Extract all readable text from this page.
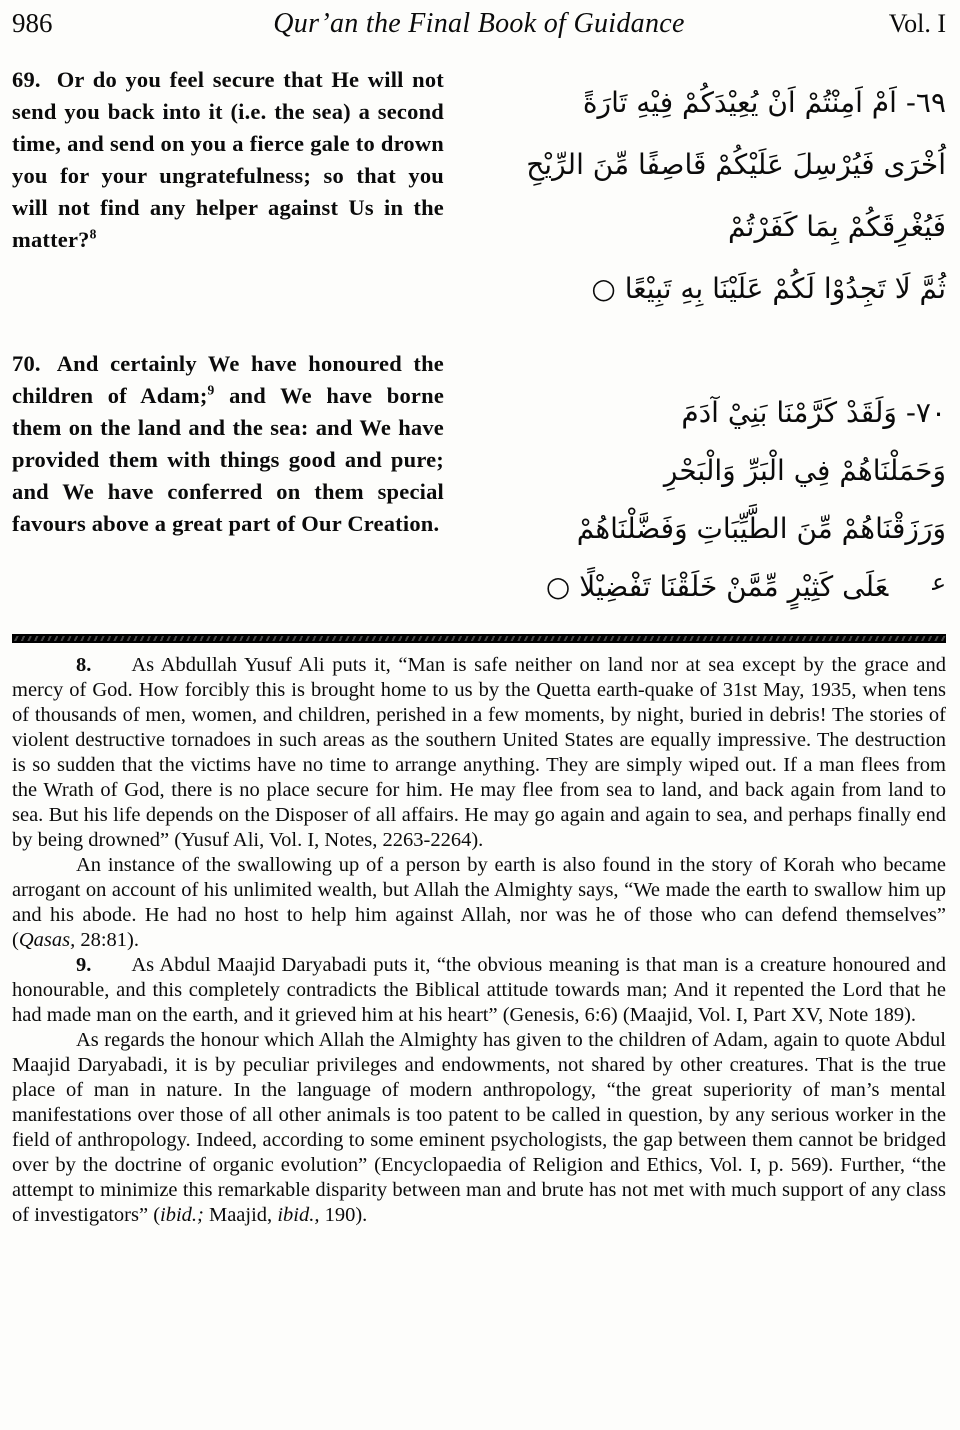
986	Qur’an the Final Book of Guidance	Vol. I
69. Or do you feel secure that He will not send you back into it (i.e. the sea) a second time, and send on you a fierce gale to drown you for your ungratefulness; so that you will not find any helper against Us in the matter?$^8$
٦٩- اَمْ اَمِنْتُمْ اَنْ يُعِيْدَكُمْ فِيْهِ تَارَةً
اُخْرَى فَيُرْسِلَ عَلَيْكُمْ قَاصِفًا مِّنَ الرِّيْحِ
فَيُغْرِقَكُمْ بِمَا كَفَرْتُمْ
ثُمَّ لَا تَجِدُوْا لَكُمْ عَلَيْنَا بِهِ تَبِيْعًا ○
70. And certainly We have honoured the children of Adam;$^9$ and We have borne them on the land and the sea: and We have provided them with things good and pure; and We have conferred on them special favours above a great part of Our Creation.
٧٠- وَلَقَدْ كَرَّمْنَا بَنِيْ آدَمَ
وَحَمَلْنَاهُمْ فِي الْبَرِّ وَالْبَحْرِ
وَرَزَقْنَاهُمْ مِّنَ الطَّيِّبَاتِ وَفَضَّلْنَاهُمْ
$^ع$عَلَى كَثِيْرٍ مِّمَّنْ خَلَقْنَا تَفْضِيْلًا ○

8. As Abdullah Yusuf Ali puts it, “Man is safe neither on land nor at sea except by the grace and mercy of God. How forcibly this is brought home to us by the Quetta earth-quake of 31st May, 1935, when tens of thousands of men, women, and children, perished in a few moments, by night, buried in debris! The stories of violent destructive tornadoes in such areas as the southern United States are equally impressive. The destruction is so sudden that the victims have no time to arrange anything. They are simply wiped out. If a man flees from the Wrath of God, there is no place secure for him. He may flee from sea to land, and back again from land to sea. But his life depends on the Disposer of all affairs. He may go again and again to sea, and perhaps finally end by being drowned” (Yusuf Ali, Vol. I, Notes, 2263-2264).

An instance of the swallowing up of a person by earth is also found in the story of Korah who became arrogant on account of his unlimited wealth, but Allah the Almighty says, “We made the earth to swallow him up and his abode. He had no host to help him against Allah, nor was he of those who can defend themselves” (Qasas, 28:81).

9. As Abdul Maajid Daryabadi puts it, “the obvious meaning is that man is a creature honoured and honourable, and this completely contradicts the Biblical attitude towards man; And it repented the Lord that he had made man on the earth, and it grieved him at his heart” (Genesis, 6:6) (Maajid, Vol. I, Part XV, Note 189).

As regards the honour which Allah the Almighty has given to the children of Adam, again to quote Abdul Maajid Daryabadi, it is by peculiar privileges and endowments, not shared by other creatures. That is the true place of man in nature. In the language of modern anthropology, “the great superiority of man’s mental manifestations over those of all other animals is too patent to be called in question, by any serious worker in the field of anthropology. Indeed, according to some eminent psychologists, the gap between them cannot be bridged over by the doctrine of organic evolution” (Encyclopaedia of Religion and Ethics, Vol. I, p. 569). Further, “the attempt to minimize this remarkable disparity between man and brute has not met with much support of any class of investigators” (ibid.; Maajid, ibid., 190).
